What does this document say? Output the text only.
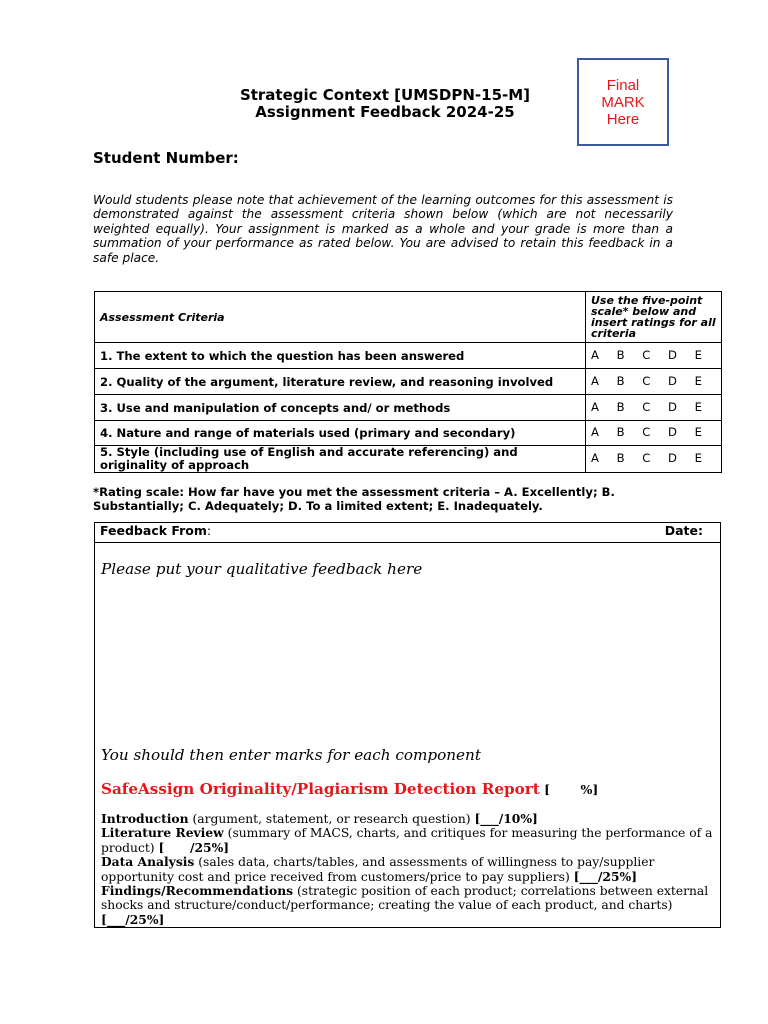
Final
MARK
Here
Strategic Context [UMSDPN-15-M]
Assignment Feedback 2024-25
Student Number:
Would students please note that achievement of the learning outcomes for this assessment is demonstrated against the assessment criteria shown below (which are not necessarily weighted equally). Your assignment is marked as a whole and your grade is more than a summation of your performance as rated below. You are advised to retain this feedback in a safe place.
Assessment Criteria	Use the five-point scale* below and insert ratings for all criteria
1. The extent to which the question has been answered	A B C D E
2. Quality of the argument, literature review, and reasoning involved	A B C D E
3. Use and manipulation of concepts and/ or methods	A B C D E
4. Nature and range of materials used (primary and secondary)	A B C D E
5. Style (including use of English and accurate referencing) and originality of approach	A B C D E
*Rating scale: How far have you met the assessment criteria – A. Excellently; B. Substantially; C. Adequately; D. To a limited extent; E. Inadequately.
Feedback From:	Date:
Please put your qualitative feedback here
You should then enter marks for each component
SafeAssign Originality/Plagiarism Detection Report [       %]
Introduction (argument, statement, or research question) [___/10%]
Literature Review (summary of MACS, charts, and critiques for measuring the performance of a product) [      /25%]
Data Analysis (sales data, charts/tables, and assessments of willingness to pay/supplier opportunity cost and price received from customers/price to pay suppliers) [___/25%]
Findings/Recommendations (strategic position of each product; correlations between external shocks and structure/conduct/performance; creating the value of each product, and charts) [___/25%]
